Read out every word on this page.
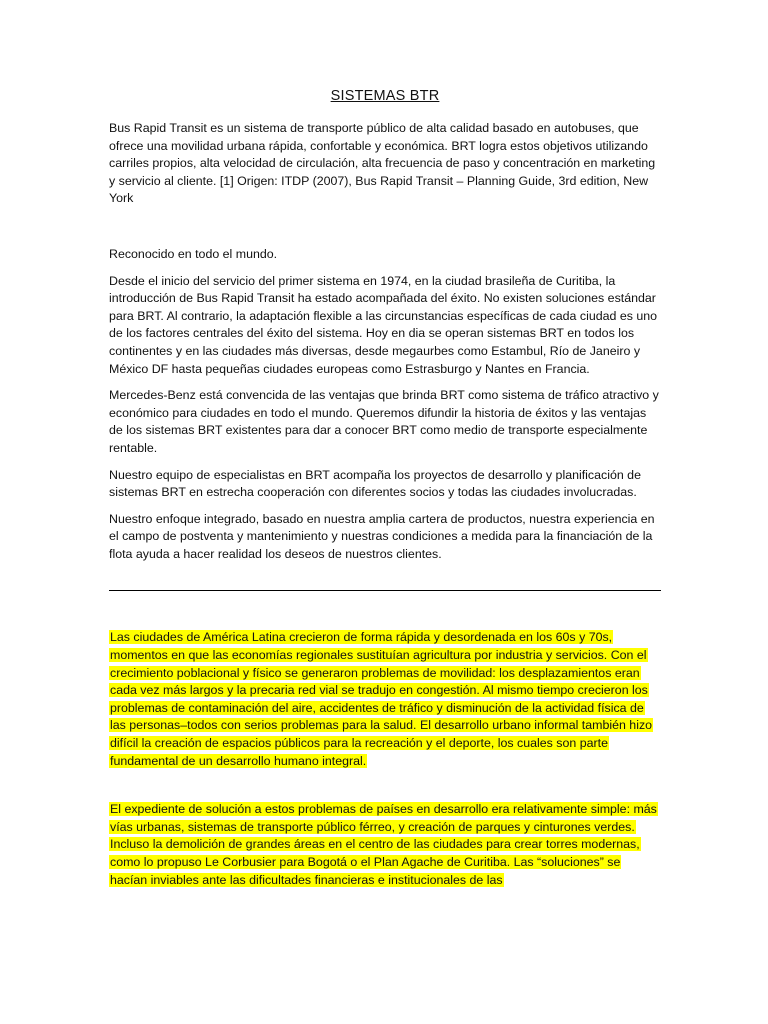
SISTEMAS BTR

Bus Rapid Transit es un sistema de transporte público de alta calidad basado en autobuses, que ofrece una movilidad urbana rápida, confortable y económica. BRT logra estos objetivos utilizando carriles propios, alta velocidad de circulación, alta frecuencia de paso y concentración en marketing y servicio al cliente. [1] Origen: ITDP (2007), Bus Rapid Transit – Planning Guide, 3rd edition, New York

Reconocido en todo el mundo.

Desde el inicio del servicio del primer sistema en 1974, en la ciudad brasileña de Curitiba, la introducción de Bus Rapid Transit ha estado acompañada del éxito. No existen soluciones estándar para BRT. Al contrario, la adaptación flexible a las circunstancias específicas de cada ciudad es uno de los factores centrales del éxito del sistema. Hoy en dia se operan sistemas BRT en todos los continentes y en las ciudades más diversas, desde megaurbes como Estambul, Río de Janeiro y México DF hasta pequeñas ciudades europeas como Estrasburgo y Nantes en Francia.

Mercedes-Benz está convencida de las ventajas que brinda BRT como sistema de tráfico atractivo y económico para ciudades en todo el mundo. Queremos difundir la historia de éxitos y las ventajas de los sistemas BRT existentes para dar a conocer BRT como medio de transporte especialmente rentable.

Nuestro equipo de especialistas en BRT acompaña los proyectos de desarrollo y planificación de sistemas BRT en estrecha cooperación con diferentes socios y todas las ciudades involucradas.

Nuestro enfoque integrado, basado en nuestra amplia cartera de productos, nuestra experiencia en el campo de postventa y mantenimiento y nuestras condiciones a medida para la financiación de la flota ayuda a hacer realidad los deseos de nuestros clientes.

Las ciudades de América Latina crecieron de forma rápida y desordenada en los 60s y 70s, momentos en que las economías regionales sustituían agricultura por industria y servicios. Con el crecimiento poblacional y físico se generaron problemas de movilidad: los desplazamientos eran cada vez más largos y la precaria red vial se tradujo en congestión. Al mismo tiempo crecieron los problemas de contaminación del aire, accidentes de tráfico y disminución de la actividad física de las personas–todos con serios problemas para la salud. El desarrollo urbano informal también hizo difícil la creación de espacios públicos para la recreación y el deporte, los cuales son parte fundamental de un desarrollo humano integral.

El expediente de solución a estos problemas de países en desarrollo era relativamente simple: más vías urbanas, sistemas de transporte público férreo, y creación de parques y cinturones verdes. Incluso la demolición de grandes áreas en el centro de las ciudades para crear torres modernas, como lo propuso Le Corbusier para Bogotá o el Plan Agache de Curitiba. Las “soluciones” se hacían inviables ante las dificultades financieras e institucionales de las
